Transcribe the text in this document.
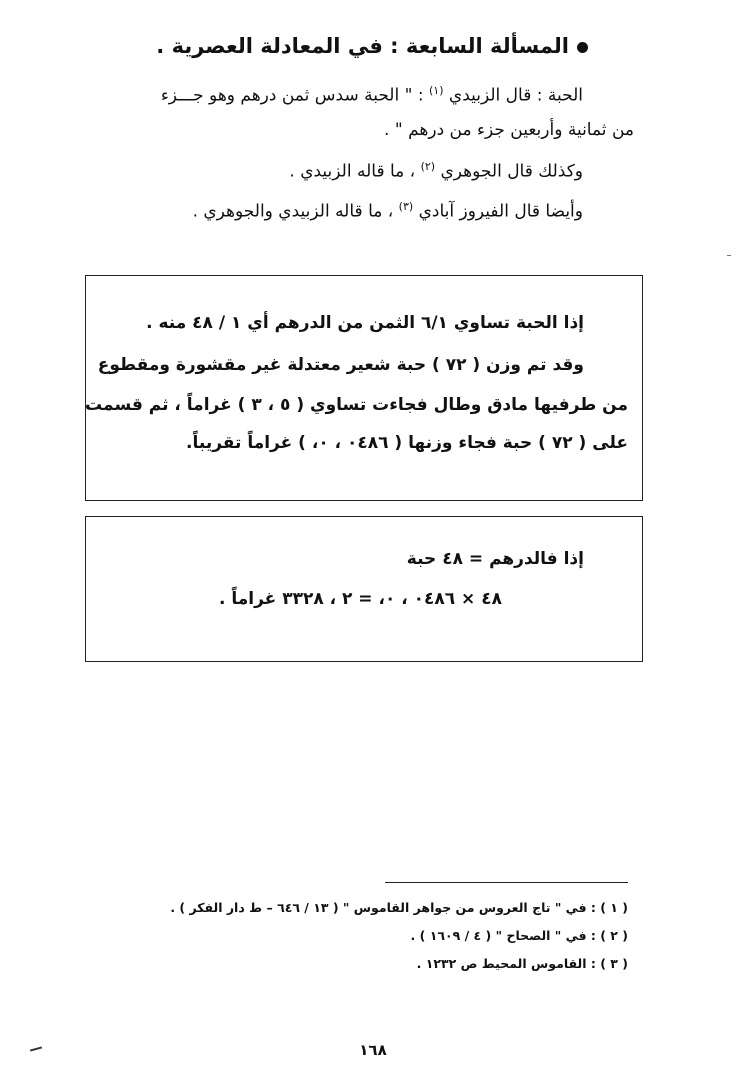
المسألة السابعة : في المعادلة العصرية .
الحبة : قال الزبيدي $^{(١)}$ : " الحبة سدس ثمن درهم وهو جـــزء
من ثمانية وأربعين جزء من درهم " .
وكذلك قال الجوهري $^{(٢)}$ ، ما قاله الزبيدي .
وأيضا قال الفيروز آبادي $^{(٣)}$ ، ما قاله الزبيدي والجوهري .
إذا الحبة تساوي ٦/١ الثمن من الدرهم أي ١ / ٤٨ منه .
وقد تم وزن ( ٧٢ ) حبة شعير معتدلة غير مقشورة ومقطوع
من طرفيها مادق وطال فجاءت تساوي ( ٥ ، ٣ ) غراماً ، ثم قسمت
على ( ٧٢ ) حبة فجاء وزنها ( ٠٤٨٦ ، ٠، ) غراماً تقريباً.
إذا فالدرهم = ٤٨ حبة
٤٨ × ٠٤٨٦ ، ٠، = ٢ ، ٣٣٢٨ غراماً .
( ١ ) : في " تاج العروس من جواهر القاموس " ( ١٣ / ٦٤٦ – ط دار الفكر ) .
( ٢ ) : في " الصحاح " ( ٤ / ١٦٠٩ ) .
( ٣ ) : القاموس المحيط ص ١٢٣٢ .
١٦٨
